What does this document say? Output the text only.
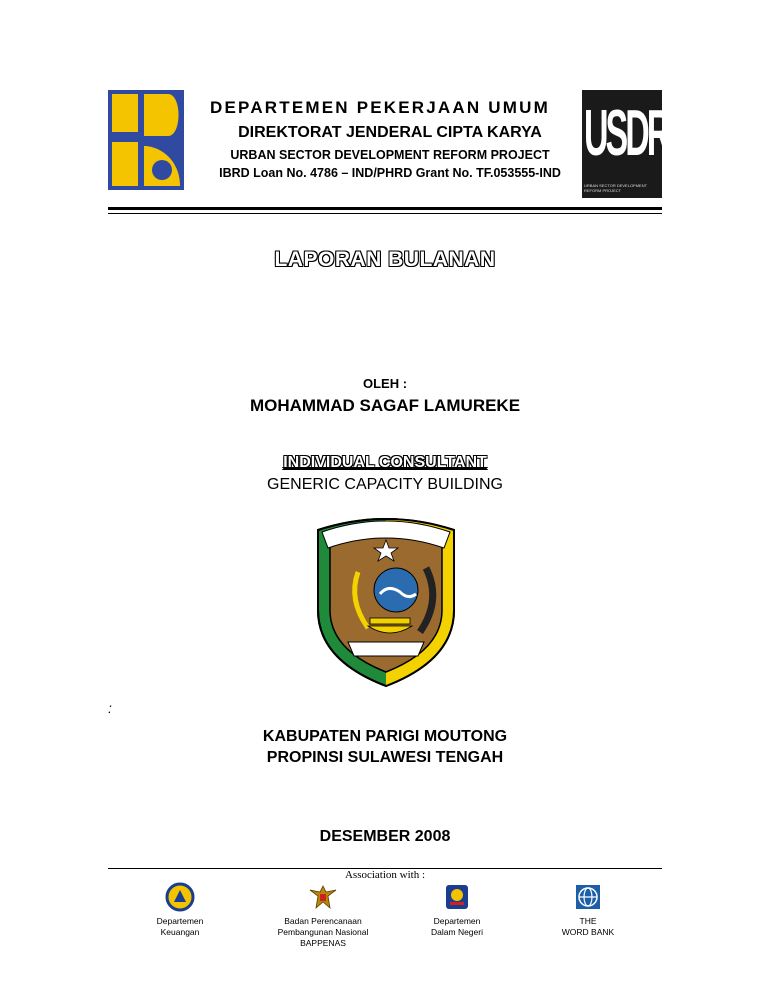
USDRP
URBAN SECTOR DEVELOPMENT REFORM PROJECT
DEPARTEMEN PEKERJAAN UMUM
DIREKTORAT JENDERAL CIPTA KARYA
URBAN SECTOR DEVELOPMENT REFORM PROJECT
IBRD Loan No. 4786 – IND/PHRD Grant No. TF.053555-IND
LAPORAN BULANAN
OLEH :
MOHAMMAD SAGAF LAMUREKE
INDIVIDUAL CONSULTANT
GENERIC CAPACITY BUILDING
:
KABUPATEN PARIGI MOUTONG
PROPINSI SULAWESI TENGAH
DESEMBER 2008
Association with :
Departemen
Keuangan
Badan Perencanaan
Pembangunan Nasional
BAPPENAS
Departemen
Dalam Negeri
THE
WORD BANK
